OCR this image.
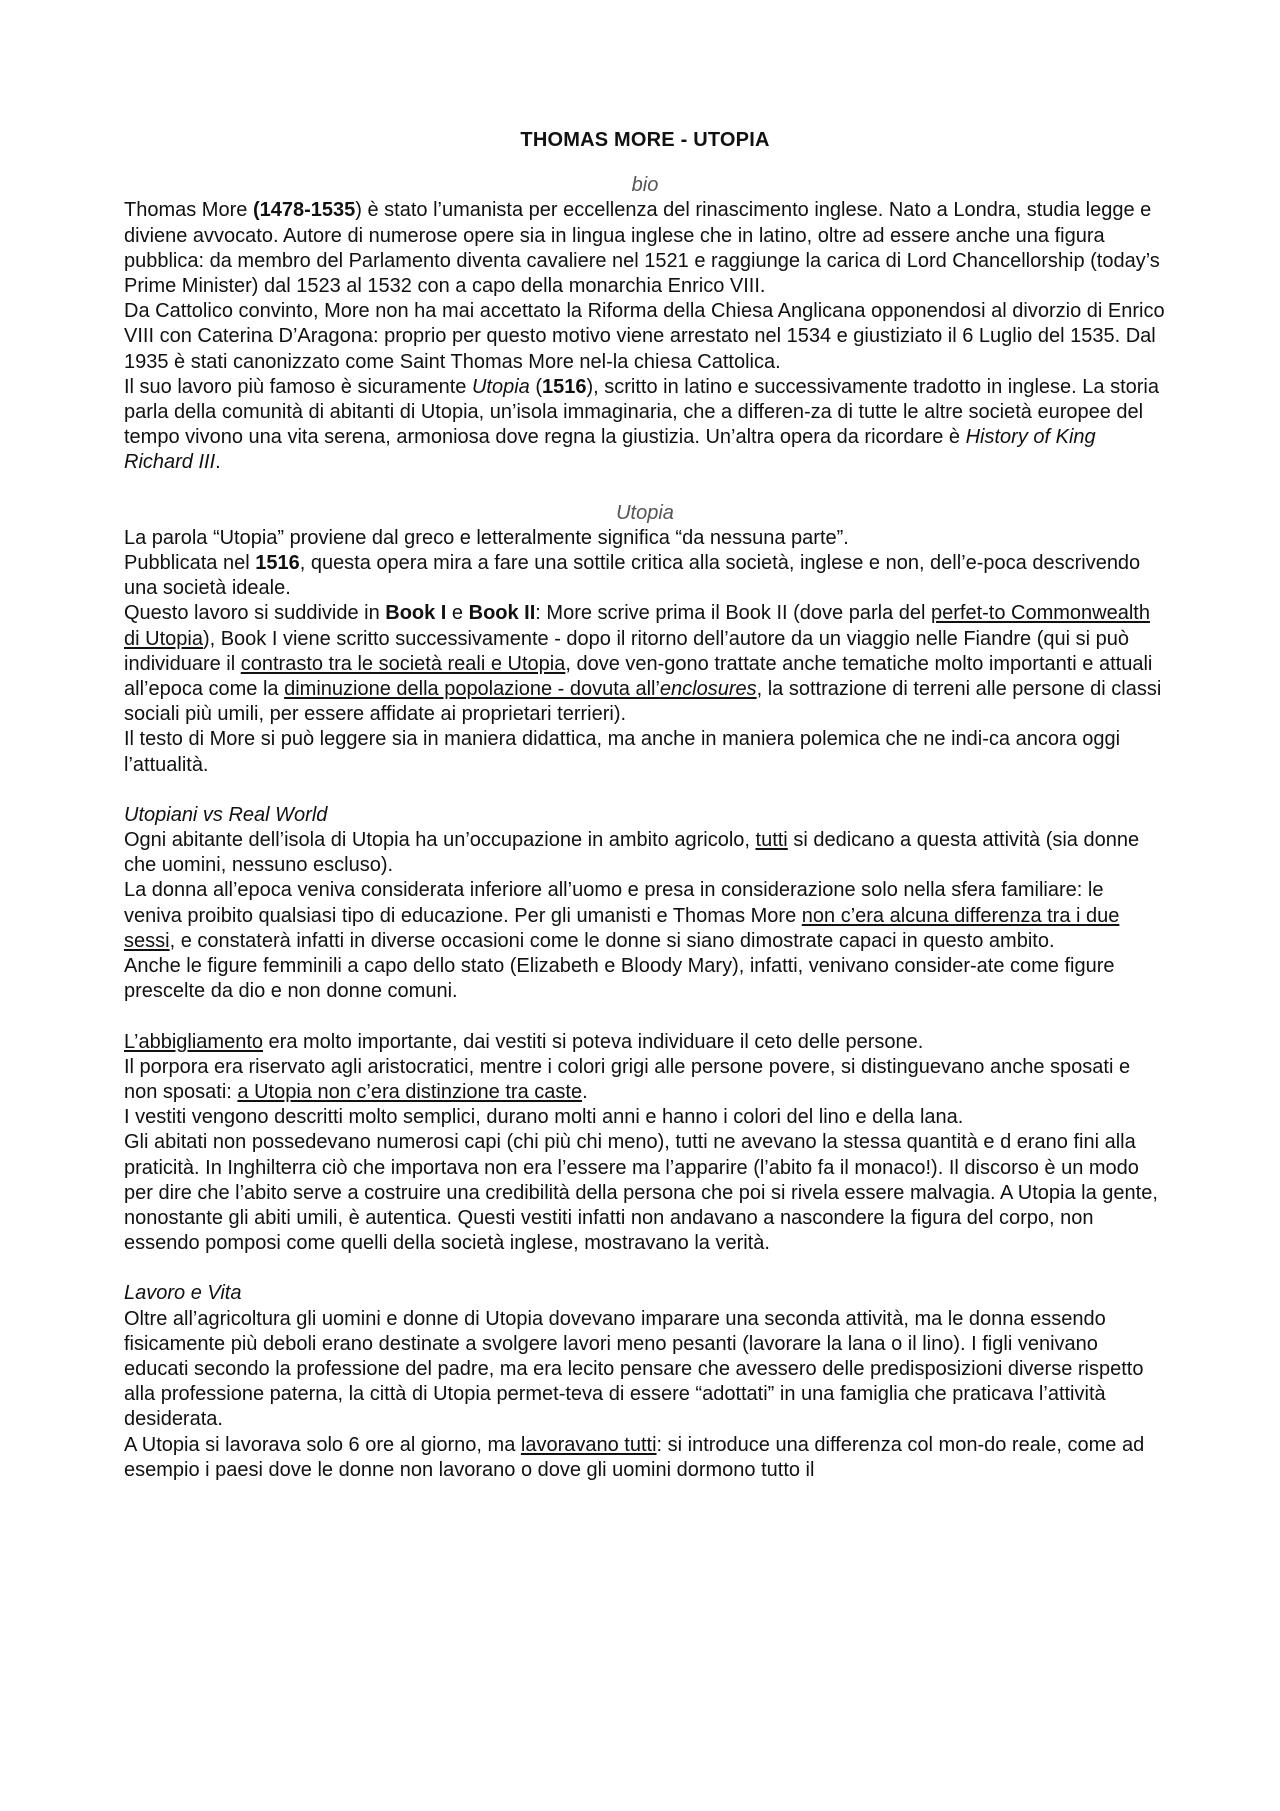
THOMAS MORE - UTOPIA

bio

Thomas More (1478-1535) è stato l’umanista per eccellenza del rinascimento inglese. Nato a Londra, studia legge e diviene avvocato. Autore di numerose opere sia in lingua inglese che in latino, oltre ad essere anche una figura pubblica: da membro del Parlamento diventa cavaliere nel 1521 e raggiunge la carica di Lord Chancellorship (today’s Prime Minister) dal 1523 al 1532 con a capo della monarchia Enrico VIII.

Da Cattolico convinto, More non ha mai accettato la Riforma della Chiesa Anglicana opponendosi al divorzio di Enrico VIII con Caterina D’Aragona: proprio per questo motivo viene arrestato nel 1534 e giustiziato il 6 Luglio del 1535. Dal 1935 è stati canonizzato come Saint Thomas More nel-la chiesa Cattolica.

Il suo lavoro più famoso è sicuramente Utopia (1516), scritto in latino e successivamente tradotto in inglese. La storia parla della comunità di abitanti di Utopia, un’isola immaginaria, che a differen-za di tutte le altre società europee del tempo vivono una vita serena, armoniosa dove regna la giustizia. Un’altra opera da ricordare è History of King Richard III.

Utopia

La parola “Utopia” proviene dal greco e letteralmente significa “da nessuna parte”.

Pubblicata nel 1516, questa opera mira a fare una sottile critica alla società, inglese e non, dell’e-poca descrivendo una società ideale.

Questo lavoro si suddivide in Book I e Book II: More scrive prima il Book II (dove parla del perfet-to Commonwealth di Utopia), Book I viene scritto successivamente - dopo il ritorno dell’autore da un viaggio nelle Fiandre (qui si può individuare il contrasto tra le società reali e Utopia, dove ven-gono trattate anche tematiche molto importanti e attuali all’epoca come la diminuzione della popolazione - dovuta all’enclosures, la sottrazione di terreni alle persone di classi sociali più umili, per essere affidate ai proprietari terrieri).

Il testo di More si può leggere sia in maniera didattica, ma anche in maniera polemica che ne indi-ca ancora oggi l’attualità.

Utopiani vs Real World

Ogni abitante dell’isola di Utopia ha un’occupazione in ambito agricolo, tutti si dedicano a questa attività (sia donne che uomini, nessuno escluso).

La donna all’epoca veniva considerata inferiore all’uomo e presa in considerazione solo nella sfera familiare: le veniva proibito qualsiasi tipo di educazione. Per gli umanisti e Thomas More non c’era alcuna differenza tra i due sessi, e constaterà infatti in diverse occasioni come le donne si siano dimostrate capaci in questo ambito.

Anche le figure femminili a capo dello stato (Elizabeth e Bloody Mary), infatti, venivano consider-ate come figure prescelte da dio e non donne comuni.

L’abbigliamento era molto importante, dai vestiti si poteva individuare il ceto delle persone.

Il porpora era riservato agli aristocratici, mentre i colori grigi alle persone povere, si distinguevano anche sposati e non sposati: a Utopia non c’era distinzione tra caste.

I vestiti vengono descritti molto semplici, durano molti anni e hanno i colori del lino e della lana.

Gli abitati non possedevano numerosi capi (chi più chi meno), tutti ne avevano la stessa quantità e d erano fini alla praticità. In Inghilterra ciò che importava non era l’essere ma l’apparire (l’abito fa il monaco!). Il discorso è un modo per dire che l’abito serve a costruire una credibilità della persona che poi si rivela essere malvagia. A Utopia la gente, nonostante gli abiti umili, è autentica. Questi vestiti infatti non andavano a nascondere la figura del corpo, non essendo pomposi come quelli della società inglese, mostravano la verità.

Lavoro e Vita

Oltre all’agricoltura gli uomini e donne di Utopia dovevano imparare una seconda attività, ma le donna essendo fisicamente più deboli erano destinate a svolgere lavori meno pesanti (lavorare la lana o il lino). I figli venivano educati secondo la professione del padre, ma era lecito pensare che avessero delle predisposizioni diverse rispetto alla professione paterna, la città di Utopia permet-teva di essere “adottati” in una famiglia che praticava l’attività desiderata.

A Utopia si lavorava solo 6 ore al giorno, ma lavoravano tutti: si introduce una differenza col mon-do reale, come ad esempio i paesi dove le donne non lavorano o dove gli uomini dormono tutto il
